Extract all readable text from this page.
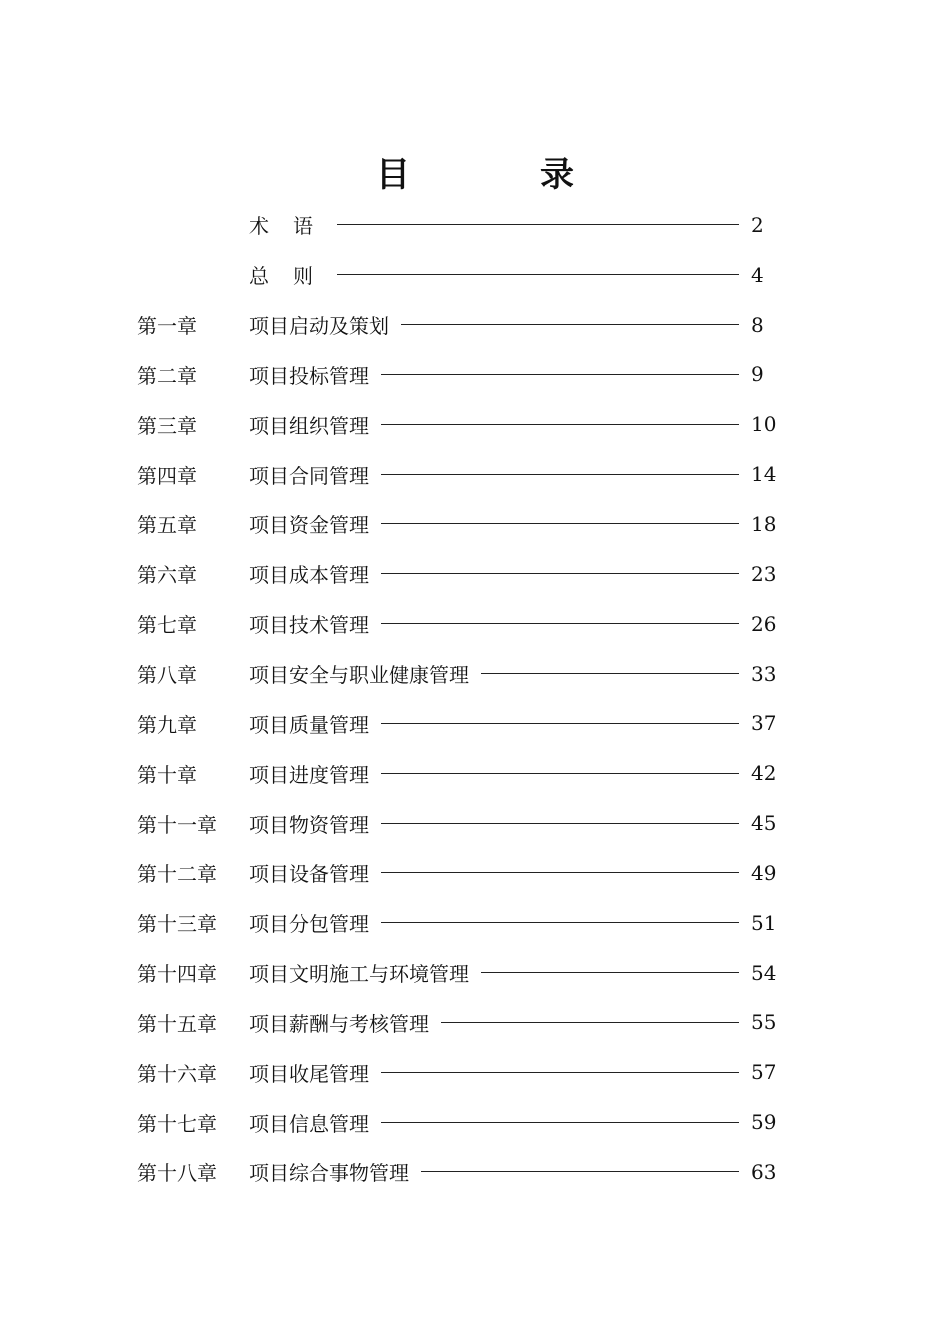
目　录
术语	2
总则	4
第一章	项目启动及策划	8
第二章	项目投标管理	9
第三章	项目组织管理	10
第四章	项目合同管理	14
第五章	项目资金管理	18
第六章	项目成本管理	23
第七章	项目技术管理	26
第八章	项目安全与职业健康管理	33
第九章	项目质量管理	37
第十章	项目进度管理	42
第十一章	项目物资管理	45
第十二章	项目设备管理	49
第十三章	项目分包管理	51
第十四章	项目文明施工与环境管理	54
第十五章	项目薪酬与考核管理	55
第十六章	项目收尾管理	57
第十七章	项目信息管理	59
第十八章	项目综合事物管理	63
